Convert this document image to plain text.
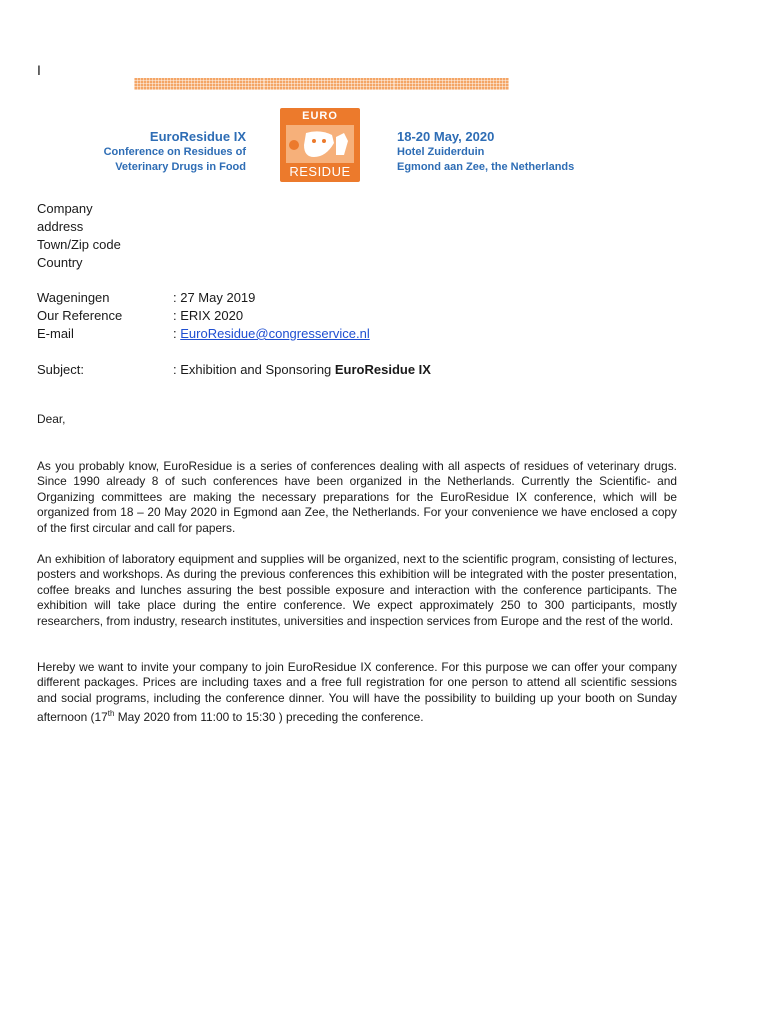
I
EuroResidue IX
Conference on Residues of
Veterinary Drugs in Food
EURO
RESIDUE
18-20 May, 2020
Hotel Zuiderduin
Egmond aan Zee, the Netherlands
Company
address
Town/Zip code
Country
Wageningen	: 27 May 2019
Our Reference	: ERIX 2020
E-mail	: EuroResidue@congresservice.nl
Subject:	: Exhibition and Sponsoring EuroResidue IX
Dear,

As you probably know, EuroResidue is a series of conferences dealing with all aspects of residues of veterinary drugs. Since 1990 already 8 of such conferences have been organized in the Netherlands. Currently the Scientific- and Organizing committees are making the necessary preparations for the EuroResidue IX conference, which will be organized from 18 – 20 May 2020 in Egmond aan Zee, the Netherlands. For your convenience we have enclosed a copy of the first circular and call for papers.

An exhibition of laboratory equipment and supplies will be organized, next to the scientific program, consisting of lectures, posters and workshops. As during the previous conferences this exhibition will be integrated with the poster presentation, coffee breaks and lunches assuring the best possible exposure and interaction with the conference participants. The exhibition will take place during the entire conference. We expect approximately 250 to 300 participants, mostly researchers, from industry, research institutes, universities and inspection services from Europe and the rest of the world.

Hereby we want to invite your company to join EuroResidue IX conference. For this purpose we can offer your company different packages. Prices are including taxes and a free full registration for one person to attend all scientific sessions and social programs, including the conference dinner. You will have the possibility to building up your booth on Sunday afternoon (17th May 2020 from 11:00 to 15:30 ) preceding the conference.
